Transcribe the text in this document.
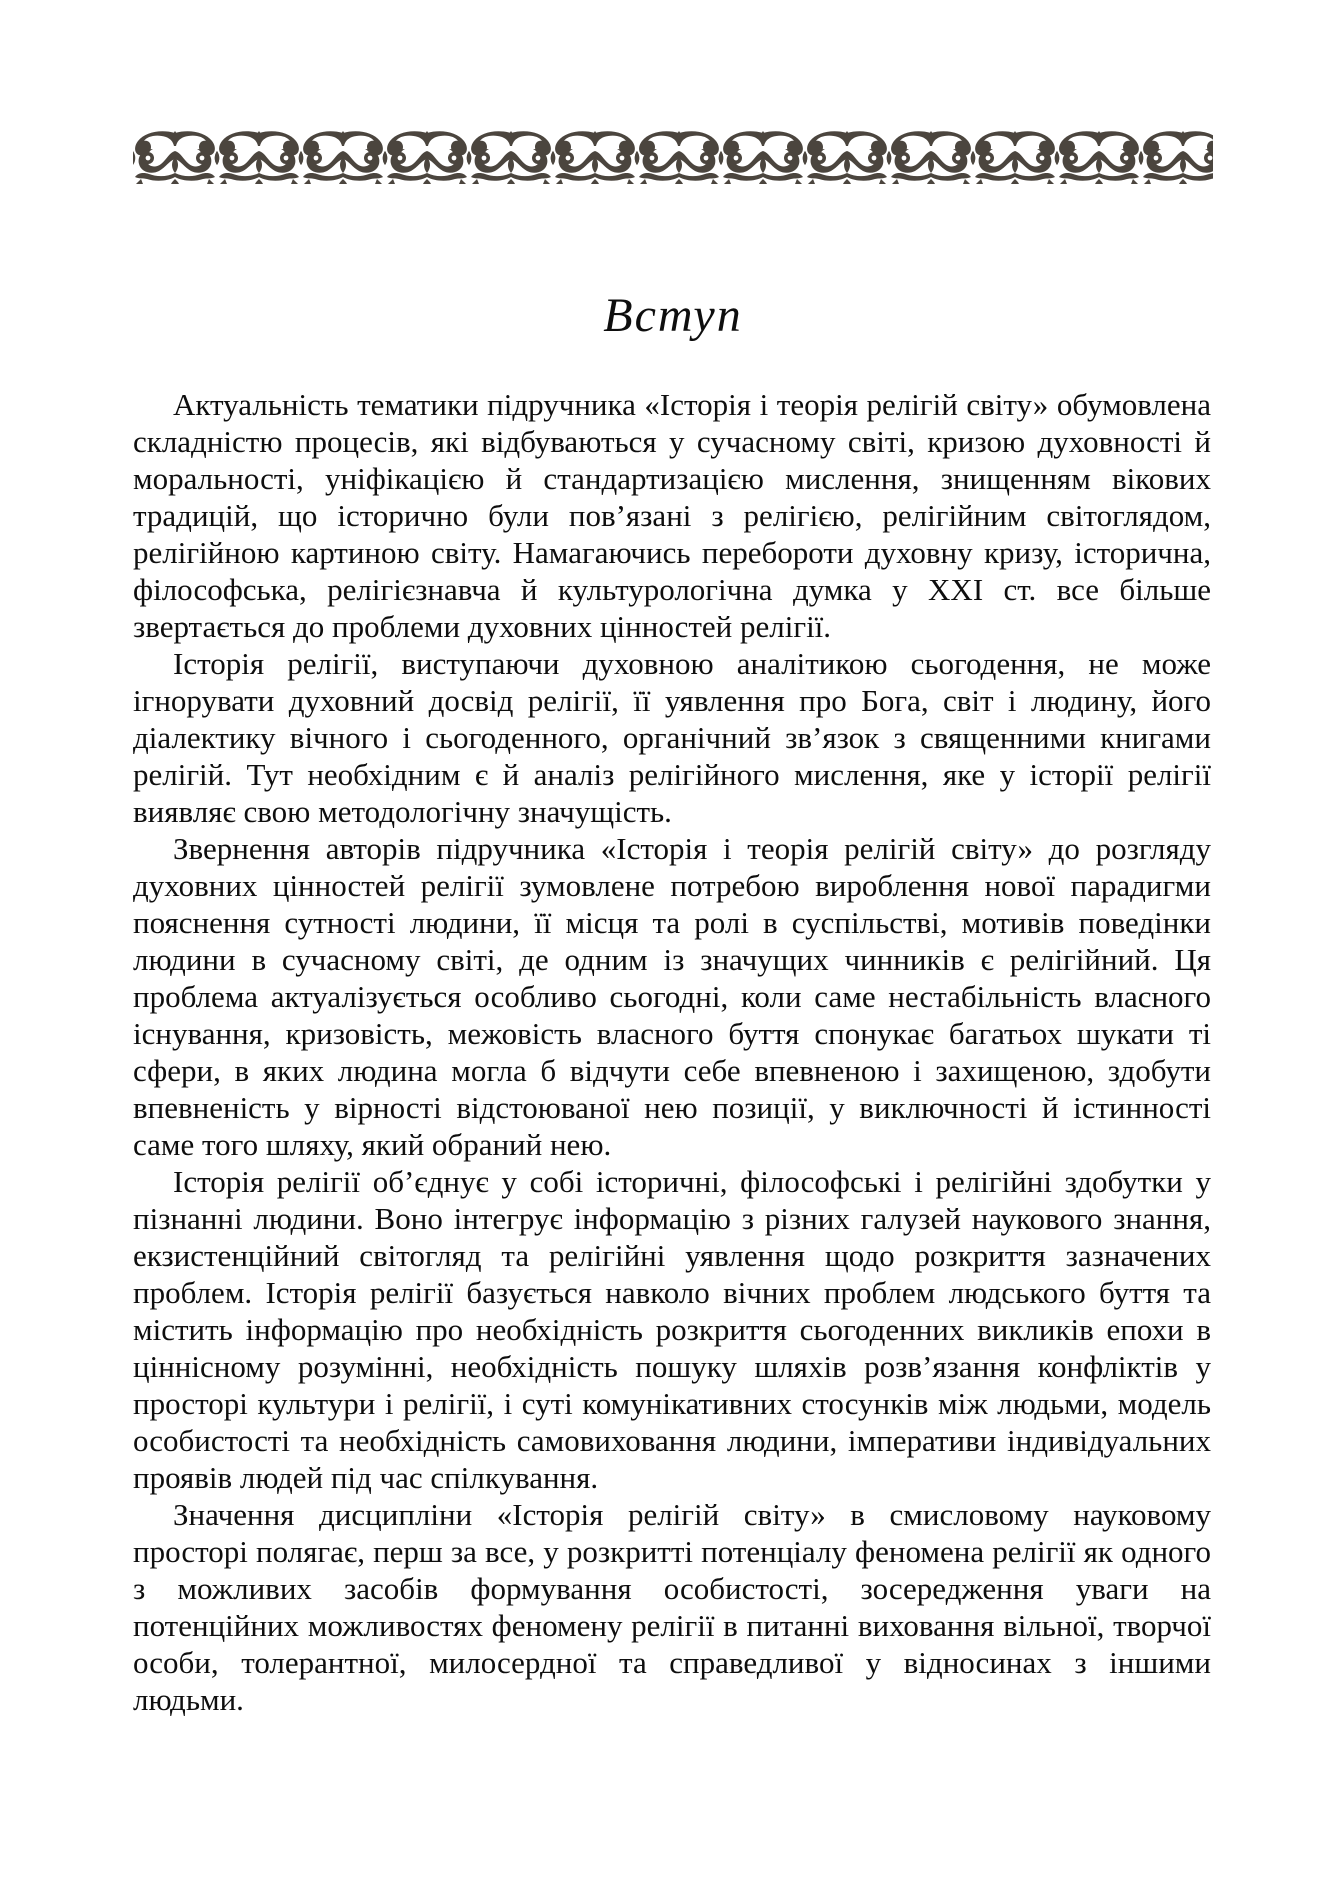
Вступ

Актуальність тематики підручника «Історія і теорія релігій світу» обумовлена складністю процесів, які відбуваються у сучасному світі, кризою духовності й моральності, уніфікацією й стандартизацією мислення, знищенням вікових традицій, що історично були пов’язані з релігією, релігійним світоглядом, релігійною картиною світу. Намагаючись перебороти духовну кризу, історична, філософська, релігієзнавча й культурологічна думка у XXI ст. все більше звертається до проблеми духовних цінностей релігії.

Історія релігії, виступаючи духовною аналітикою сьогодення, не може ігнорувати духовний досвід релігії, її уявлення про Бога, світ і людину, його діалектику вічного і сьогоденного, органічний зв’язок з священними книгами релігій. Тут необхідним є й аналіз релігійного мислення, яке у історії релігії виявляє свою методологічну значущість.

Звернення авторів підручника «Історія і теорія релігій світу» до розгляду духовних цінностей релігії зумовлене потребою вироблення нової парадигми пояснення сутності людини, її місця та ролі в суспільстві, мотивів поведінки людини в сучасному світі, де одним із значущих чинників є релігійний. Ця проблема актуалізується особливо сьогодні, коли саме нестабільність власного існування, кризовість, межовість власного буття спонукає багатьох шукати ті сфери, в яких людина могла б відчути себе впевненою і захищеною, здобути впевненість у вірності відстоюваної нею позиції, у виключності й істинності саме того шляху, який обраний нею.

Історія релігії об’єднує у собі історичні, філософські і релігійні здобутки у пізнанні людини. Воно інтегрує інформацію з різних галузей наукового знання, екзистенційний світогляд та релігійні уявлення щодо розкриття зазначених проблем. Історія релігії базується навколо вічних проблем людського буття та містить інформацію про необхідність розкриття сьогоденних викликів епохи в ціннісному розумінні, необхідність пошуку шляхів розв’язання конфліктів у просторі культури і релігії, і суті комунікативних стосунків між людьми, модель особистості та необхідність самовиховання людини, імперативи індивідуальних проявів людей під час спілкування.

Значення дисципліни «Історія релігій світу» в смисловому науковому просторі полягає, перш за все, у розкритті потенціалу феномена релігії як одного з можливих засобів формування особистості, зосередження уваги на потенційних можливостях феномену релігії в питанні виховання вільної, творчої особи, толерантної, милосердної та справедливої у відносинах з іншими людьми.
